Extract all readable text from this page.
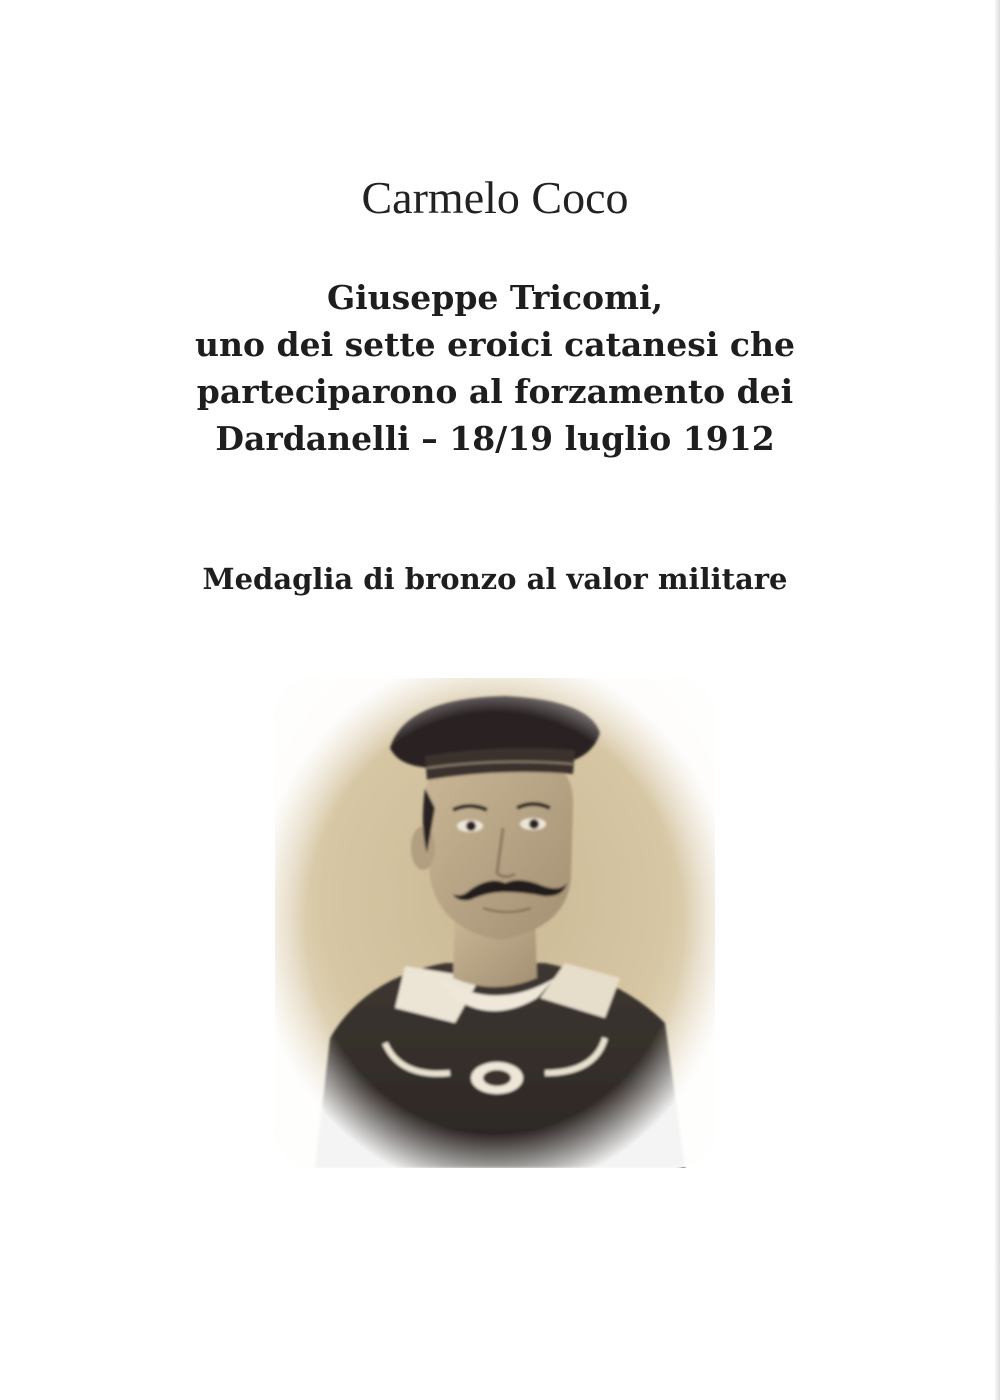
Carmelo Coco
Giuseppe Tricomi,
uno dei sette eroici catanesi che
parteciparono al forzamento dei
Dardanelli – 18/19 luglio 1912
Medaglia di bronzo al valor militare
